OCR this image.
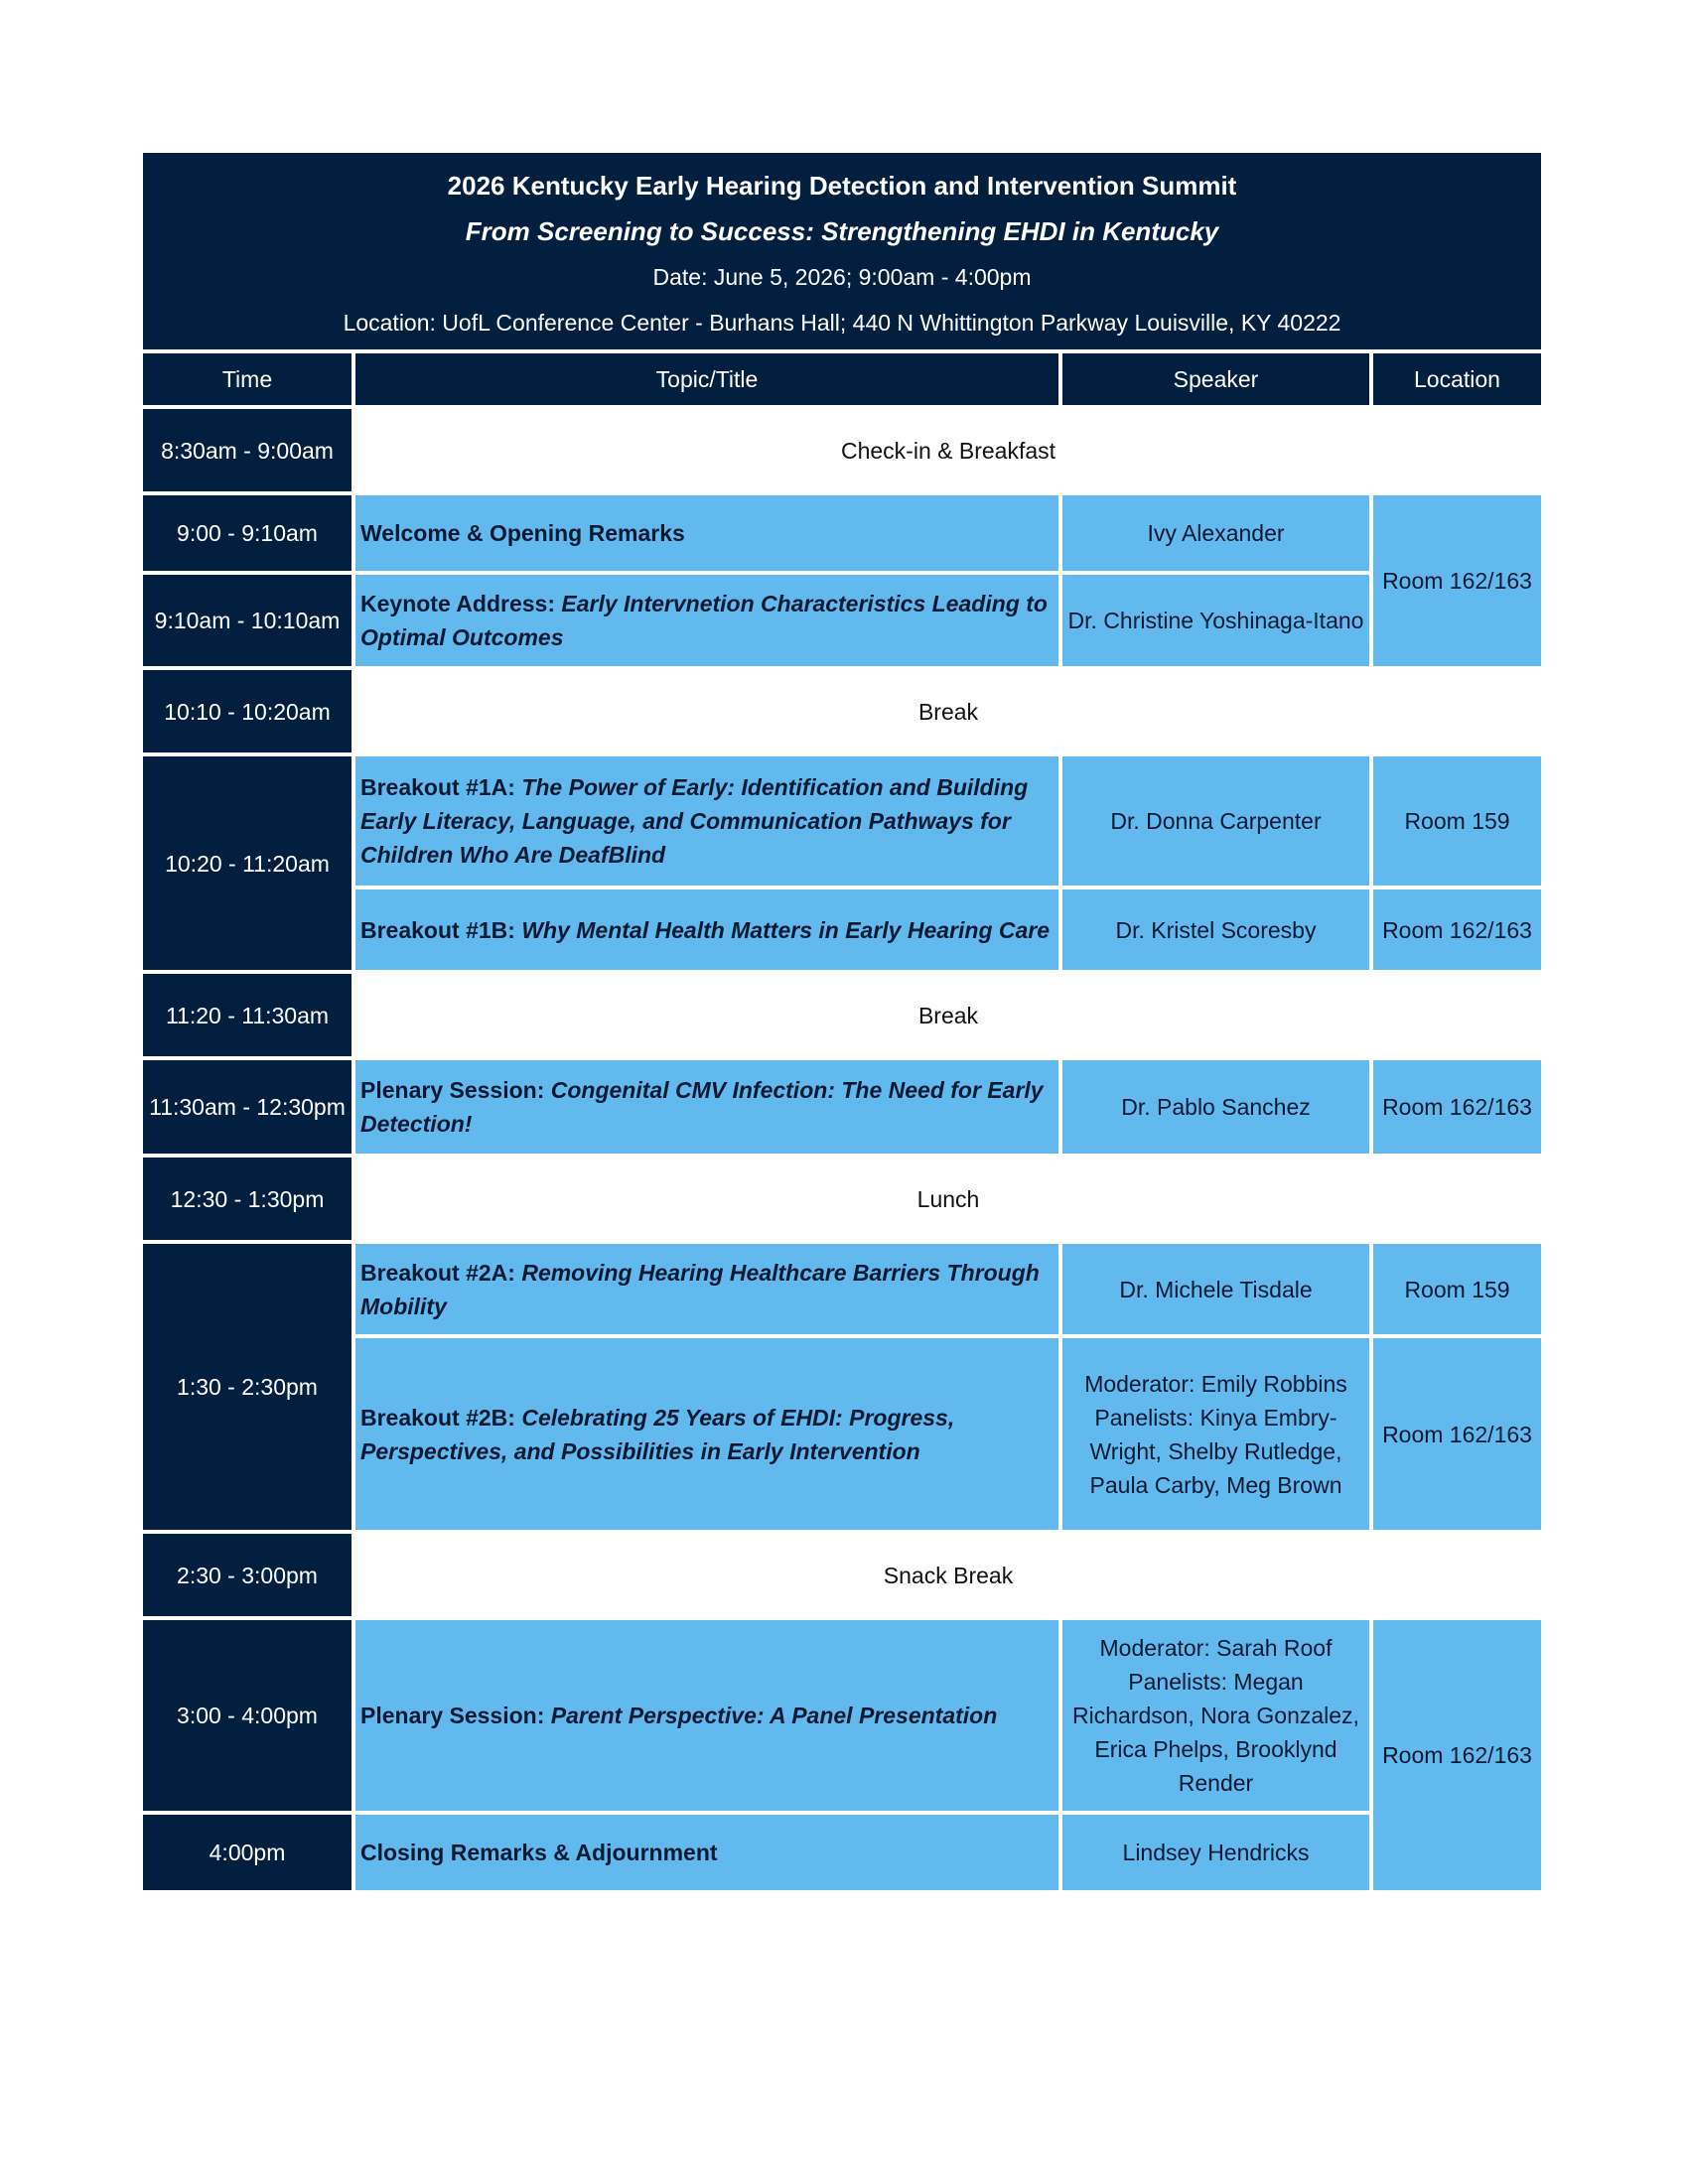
2026 Kentucky Early Hearing Detection and Intervention Summit
From Screening to Success: Strengthening EHDI in Kentucky
Date: June 5, 2026; 9:00am - 4:00pm
Location: UofL Conference Center - Burhans Hall; 440 N Whittington Parkway Louisville, KY 40222			

Time	Topic/Title	Speaker	Location
8:30am - 9:00am	Check-in & Breakfast		
9:00 - 9:10am	Welcome & Opening Remarks	Ivy Alexander	Room 162/163
9:10am - 10:10am	Keynote Address: Early Intervnetion Characteristics Leading to Optimal Outcomes	Dr. Christine Yoshinaga-Itano	
10:10 - 10:20am	Break		
10:20 - 11:20am	Breakout #1A: The Power of Early: Identification and Building Early Literacy, Language, and Communication Pathways for Children Who Are DeafBlind	Dr. Donna Carpenter	Room 159
	Breakout #1B: Why Mental Health Matters in Early Hearing Care	Dr. Kristel Scoresby	Room 162/163
11:20 - 11:30am	Break		
11:30am - 12:30pm	Plenary Session: Congenital CMV Infection: The Need for Early Detection!	Dr. Pablo Sanchez	Room 162/163
12:30 - 1:30pm	Lunch		
1:30 - 2:30pm	Breakout #2A: Removing Hearing Healthcare Barriers Through Mobility	Dr. Michele Tisdale	Room 159
	Breakout #2B: Celebrating 25 Years of EHDI: Progress, Perspectives, and Possibilities in Early Intervention	Moderator: Emily Robbins Panelists: Kinya Embry-Wright, Shelby Rutledge, Paula Carby, Meg Brown	Room 162/163
2:30 - 3:00pm	Snack Break		
3:00 - 4:00pm	Plenary Session: Parent Perspective: A Panel Presentation	Moderator: Sarah Roof Panelists: Megan Richardson, Nora Gonzalez, Erica Phelps, Brooklynd Render	Room 162/163
4:00pm	Closing Remarks & Adjournment	Lindsey Hendricks	
